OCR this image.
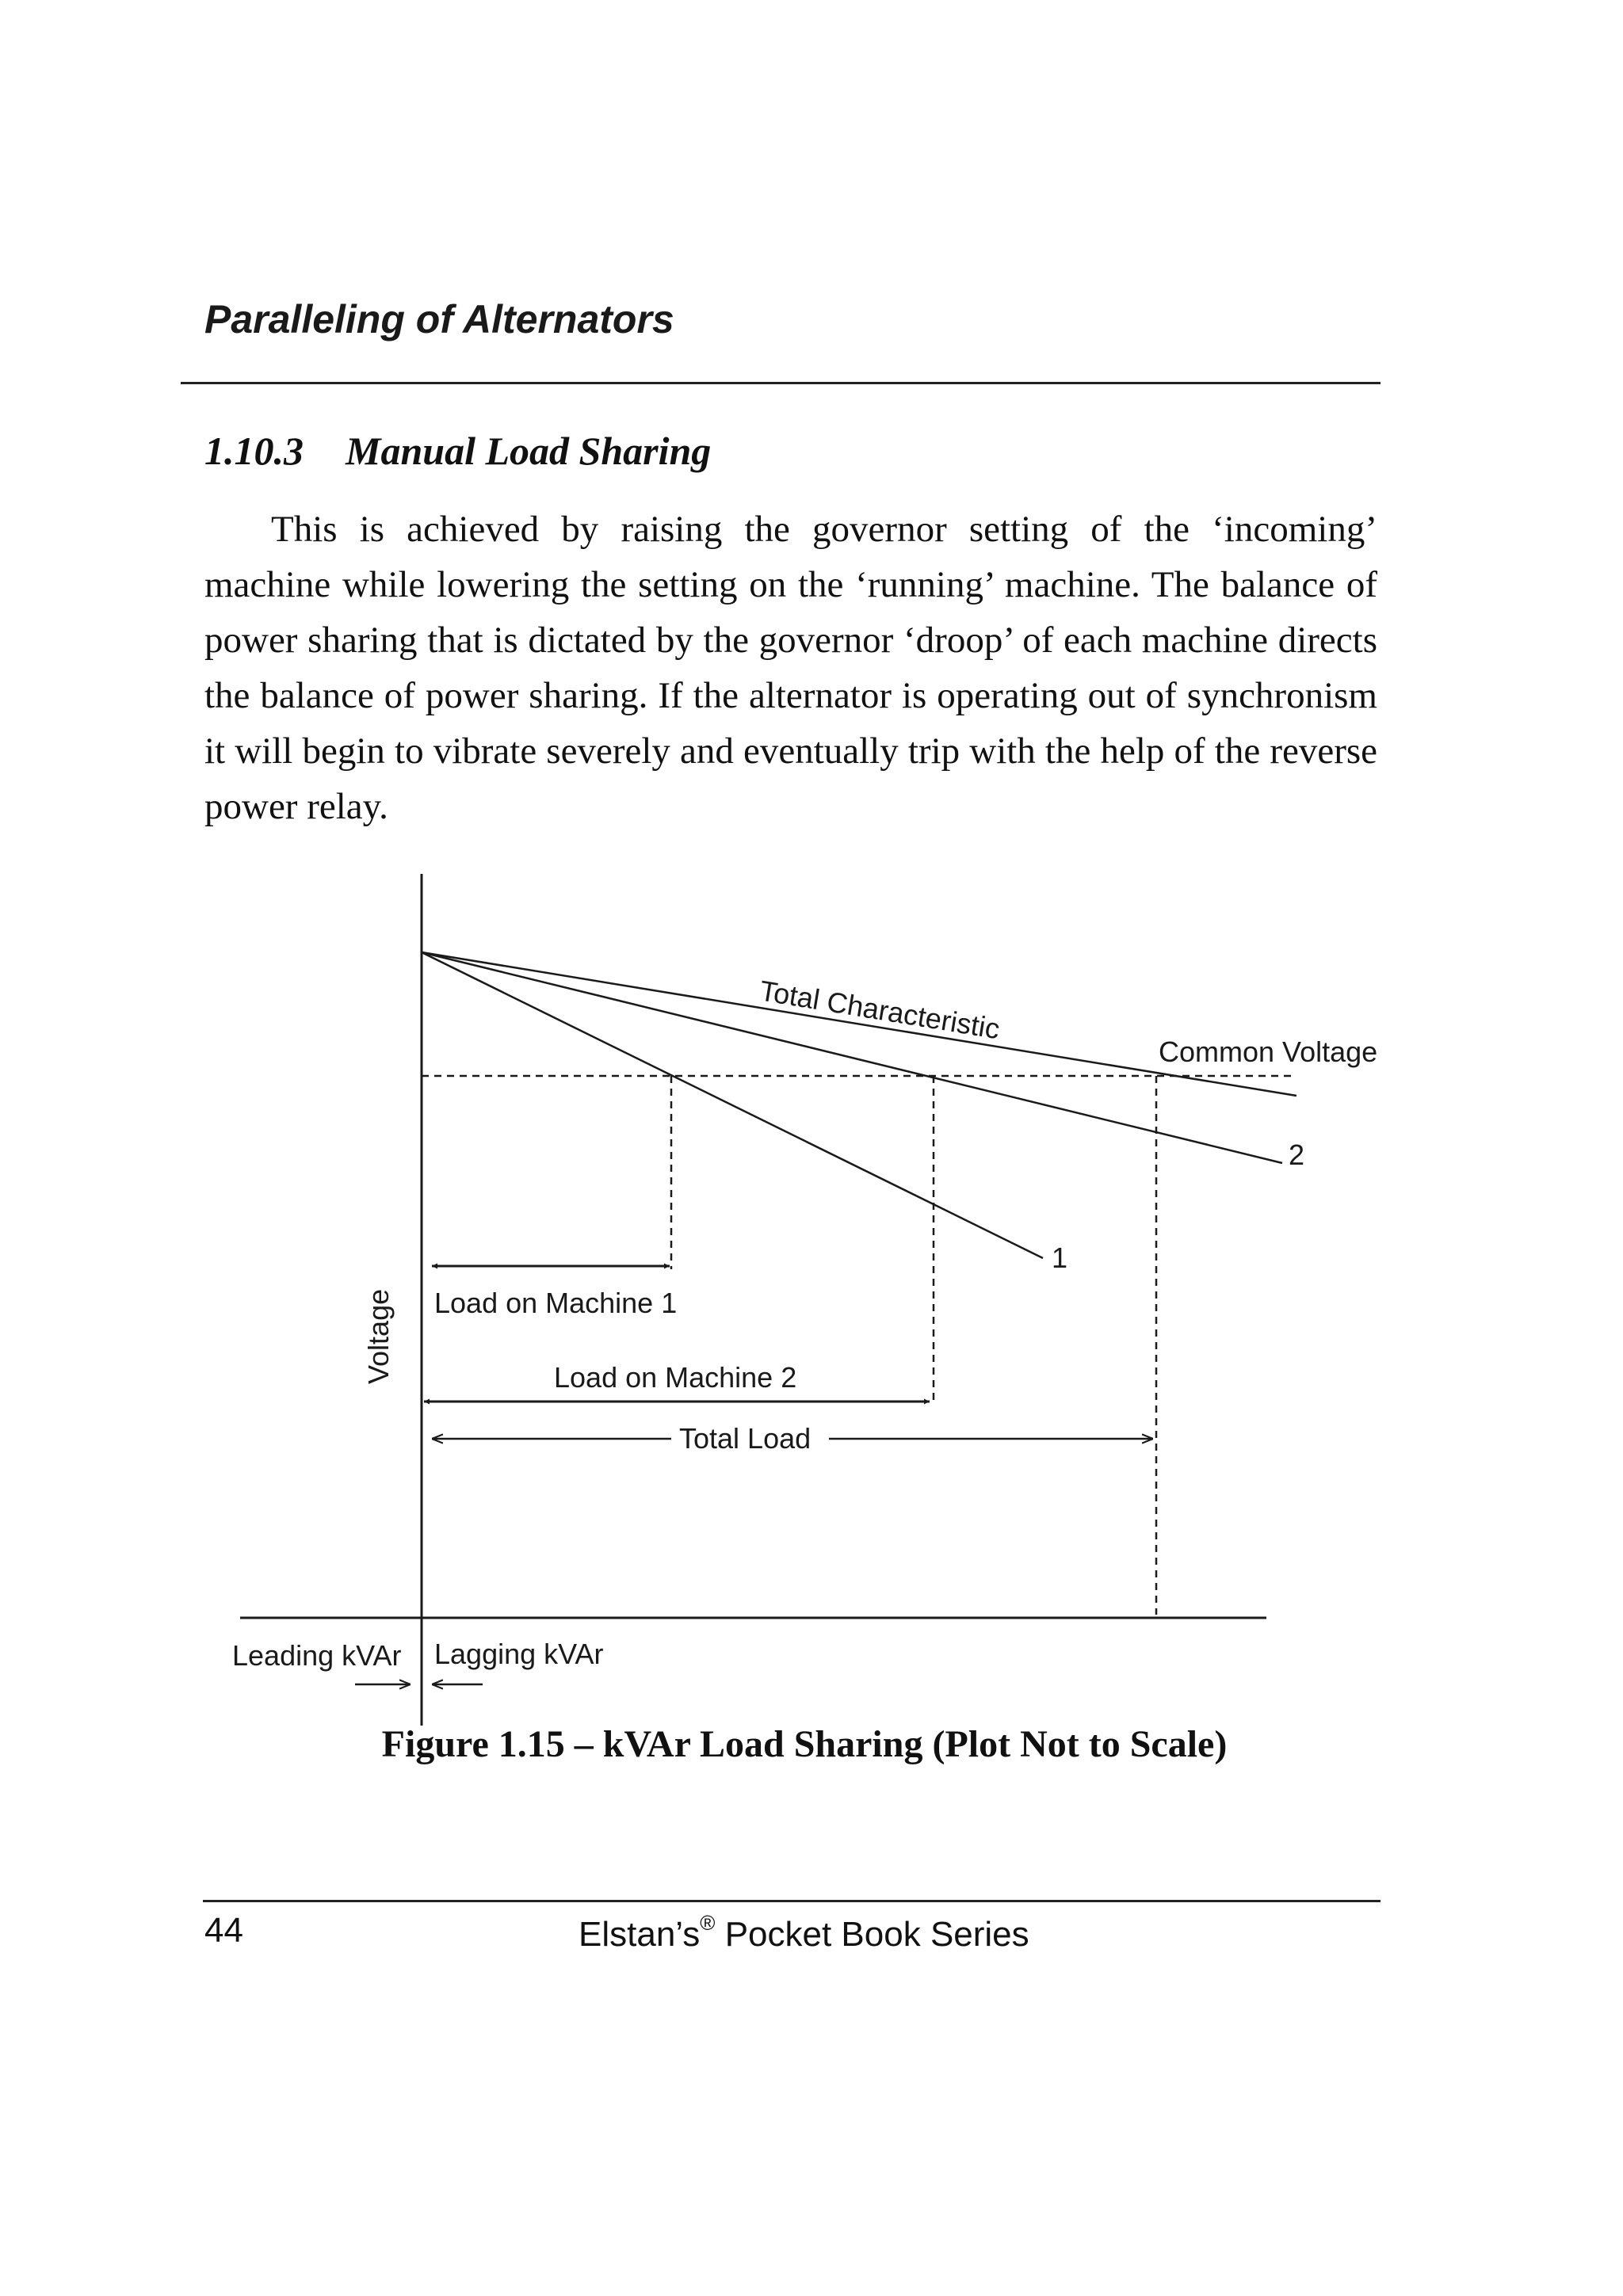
Paralleling of Alternators
1.10.3 Manual Load Sharing
This is achieved by raising the governor setting of the ‘incoming’ machine while lowering the setting on the ‘running’ machine. The balance of power sharing that is dictated by the governor ‘droop’ of each machine directs the balance of power sharing. If the alternator is operating out of synchronism it will begin to vibrate severely and eventually trip with the help of the reverse power relay.
Total Characteristic
Common Voltage
2
1
Voltage Load on Machine 1
Load on Machine 2
Total Load
Leading kVAr Lagging kVAr
Figure 1.15 – kVAr Load Sharing (Plot Not to Scale)
44	Elstan’s® Pocket Book Series
